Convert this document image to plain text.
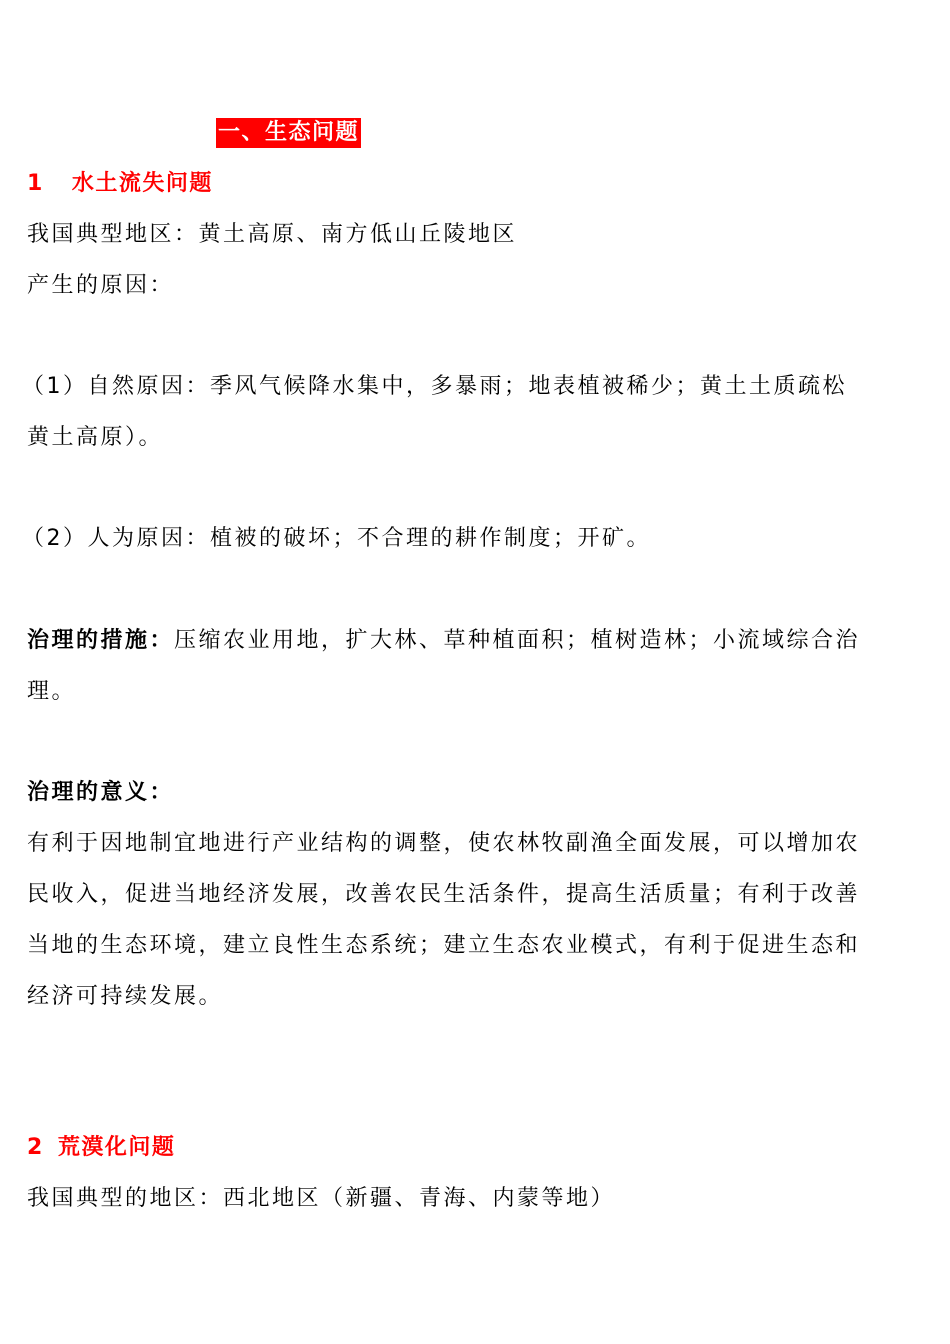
一、生态问题
1 水土流失问题
我国典型地区：黄土高原、南方低山丘陵地区
产生的原因：
（1）自然原因：季风气候降水集中，多暴雨；地表植被稀少；黄土土质疏松
黄土高原）。
（2）人为原因：植被的破坏；不合理的耕作制度；开矿。
治理的措施：压缩农业用地，扩大林、草种植面积；植树造林；小流域综合治
理。
治理的意义：
有利于因地制宜地进行产业结构的调整，使农林牧副渔全面发展，可以增加农
民收入，促进当地经济发展，改善农民生活条件，提高生活质量；有利于改善
当地的生态环境，建立良性生态系统；建立生态农业模式，有利于促进生态和
经济可持续发展。
2 荒漠化问题
我国典型的地区：西北地区（新疆、青海、内蒙等地）
